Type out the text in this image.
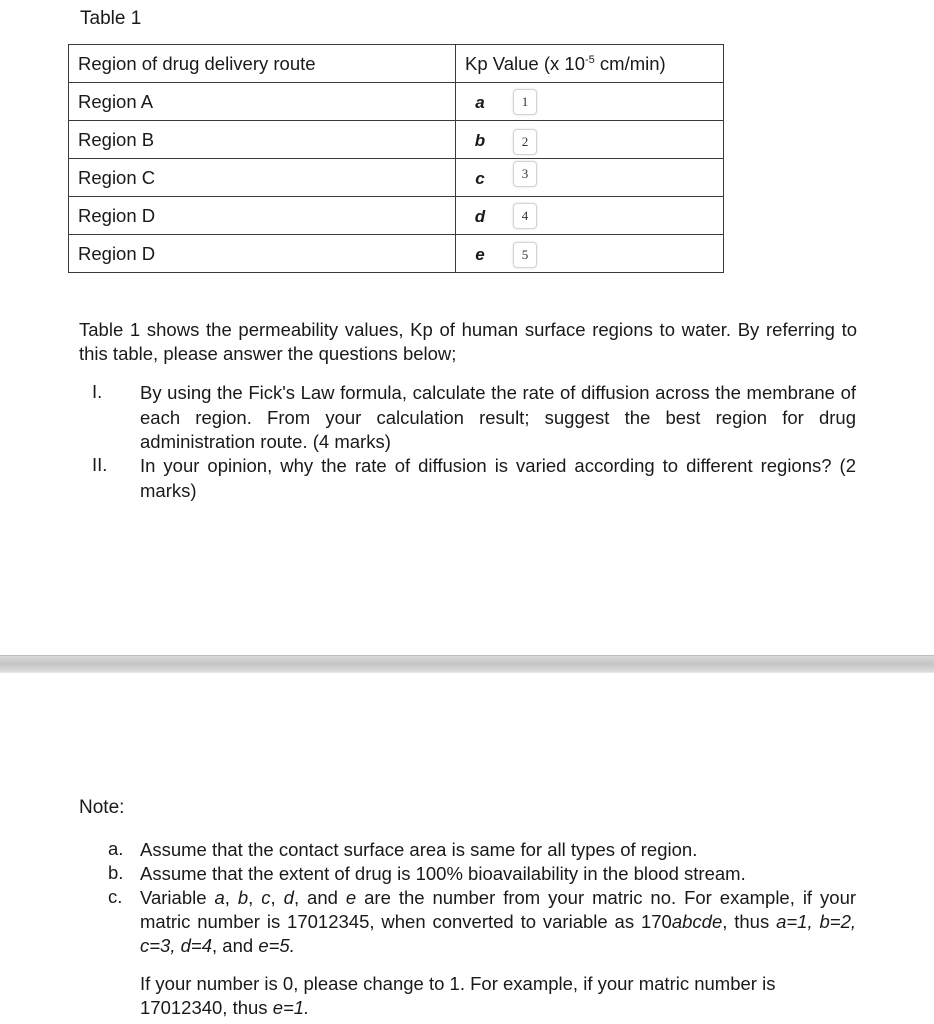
Table 1
Region of drug delivery route	Kp Value (x $10^{-5}$ cm/min)
Region A	a 1

Region B	b 2

Region C	c 3

Region D	d 4

Region D	e 5
Table 1 shows the permeability values, Kp of human surface regions to water. By referring to this table, please answer the questions below;
I. By using the Fick's Law formula, calculate the rate of diffusion across the membrane of each region. From your calculation result; suggest the best region for drug administration route. (4 marks)
II. In your opinion, why the rate of diffusion is varied according to different regions? (2 marks)
Note:
a. Assume that the contact surface area is same for all types of region.
b. Assume that the extent of drug is 100% bioavailability in the blood stream.
c. Variable a, b, c, d, and e are the number from your matric no. For example, if your matric number is 17012345, when converted to variable as 170abcde, thus a=1, b=2, c=3, d=4, and e=5.
If your number is 0, please change to 1. For example, if your matric number is 17012340, thus e=1.
